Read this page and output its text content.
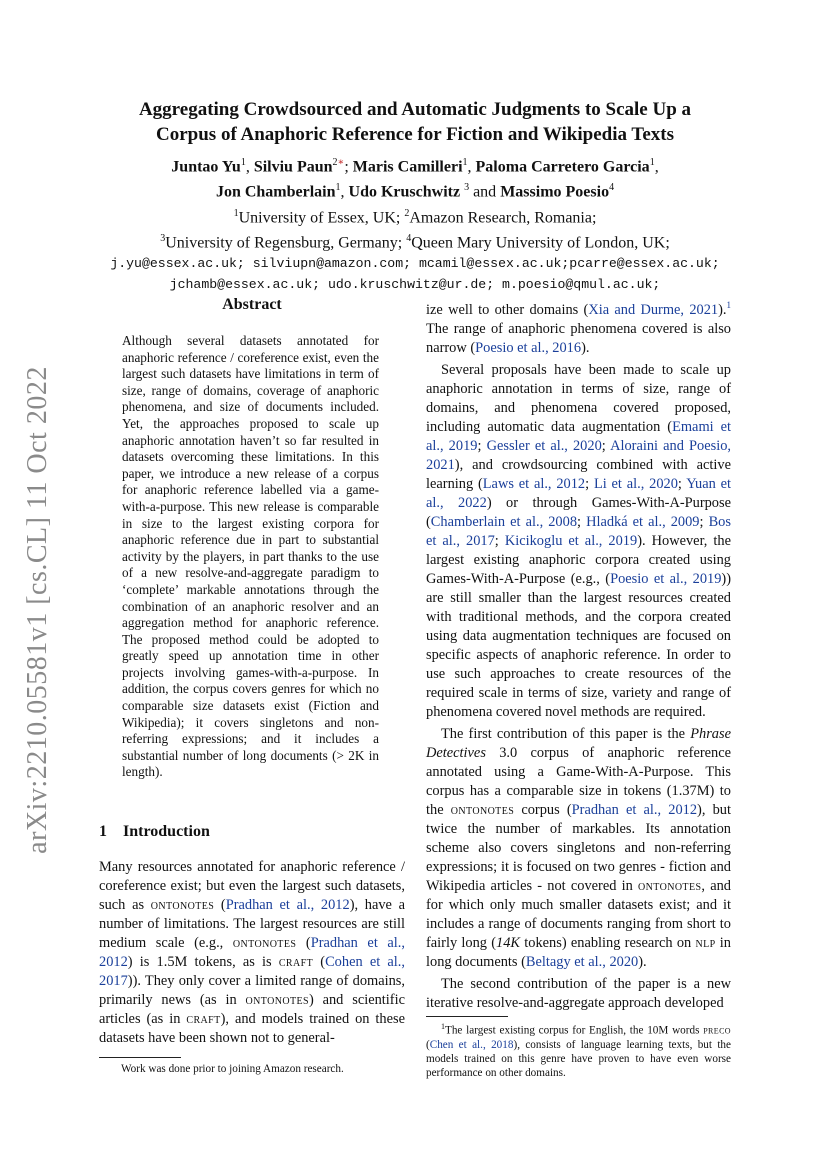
arXiv:2210.05581v1 [cs.CL] 11 Oct 2022
Aggregating Crowdsourced and Automatic Judgments to Scale Up a
Corpus of Anaphoric Reference for Fiction and Wikipedia Texts
Juntao Yu$^1$, Silviu Paun$^{2∗}$; Maris Camilleri$^1$, Paloma Carretero Garcia$^1$,
Jon Chamberlain$^1$, Udo Kruschwitz $^3$ and Massimo Poesio$^4$
$^1$University of Essex, UK; $^2$Amazon Research, Romania;
$^3$University of Regensburg, Germany; $^4$Queen Mary University of London, UK;
j.yu@essex.ac.uk; silviupn@amazon.com; mcamil@essex.ac.uk;pcarre@essex.ac.uk;
jchamb@essex.ac.uk; udo.kruschwitz@ur.de; m.poesio@qmul.ac.uk;
Abstract
Although several datasets annotated for anaphoric reference / coreference exist, even the largest such datasets have limitations in term of size, range of domains, coverage of anaphoric phenomena, and size of documents included. Yet, the approaches proposed to scale up anaphoric annotation haven’t so far resulted in datasets overcoming these limitations. In this paper, we introduce a new release of a corpus for anaphoric reference labelled via a game-with-a-purpose. This new release is comparable in size to the largest existing corpora for anaphoric reference due in part to substantial activity by the players, in part thanks to the use of a new resolve-and-aggregate paradigm to ‘complete’ markable annotations through the combination of an anaphoric resolver and an aggregation method for anaphoric reference. The proposed method could be adopted to greatly speed up annotation time in other projects involving games-with-a-purpose. In addition, the corpus covers genres for which no comparable size datasets exist (Fiction and Wikipedia); it covers singletons and non-referring expressions; and it includes a substantial number of long documents (> 2K in length).
1 Introduction

Many resources annotated for anaphoric reference / coreference exist; but even the largest such datasets, such as ontonotes (Pradhan et al., 2012), have a number of limitations. The largest resources are still medium scale (e.g., ontonotes (Pradhan et al., 2012) is 1.5M tokens, as is craft (Cohen et al., 2017)). They only cover a limited range of domains, primarily news (as in ontonotes) and scientific articles (as in craft), and models trained on these datasets have been shown not to general-

Work was done prior to joining Amazon research.

ize well to other domains (Xia and Durme, 2021).$^1$ The range of anaphoric phenomena covered is also narrow (Poesio et al., 2016).

Several proposals have been made to scale up anaphoric annotation in terms of size, range of domains, and phenomena covered proposed, including automatic data augmentation (Emami et al., 2019; Gessler et al., 2020; Aloraini and Poesio, 2021), and crowdsourcing combined with active learning (Laws et al., 2012; Li et al., 2020; Yuan et al., 2022) or through Games-With-A-Purpose (Chamberlain et al., 2008; Hladká et al., 2009; Bos et al., 2017; Kicikoglu et al., 2019). However, the largest existing anaphoric corpora created using Games-With-A-Purpose (e.g., (Poesio et al., 2019)) are still smaller than the largest resources created with traditional methods, and the corpora created using data augmentation techniques are focused on specific aspects of anaphoric reference. In order to use such approaches to create resources of the required scale in terms of size, variety and range of phenomena covered novel methods are required.

The first contribution of this paper is the Phrase Detectives 3.0 corpus of anaphoric reference annotated using a Game-With-A-Purpose. This corpus has a comparable size in tokens (1.37M) to the ontonotes corpus (Pradhan et al., 2012), but twice the number of markables. Its annotation scheme also covers singletons and non-referring expressions; it is focused on two genres - fiction and Wikipedia articles - not covered in ontonotes, and for which only much smaller datasets exist; and it includes a range of documents ranging from short to fairly long (14K tokens) enabling research on nlp in long documents (Beltagy et al., 2020).

The second contribution of the paper is a new iterative resolve-and-aggregate approach developed

$^1$The largest existing corpus for English, the 10M words preco (Chen et al., 2018), consists of language learning texts, but the models trained on this genre have proven to have even worse performance on other domains.
